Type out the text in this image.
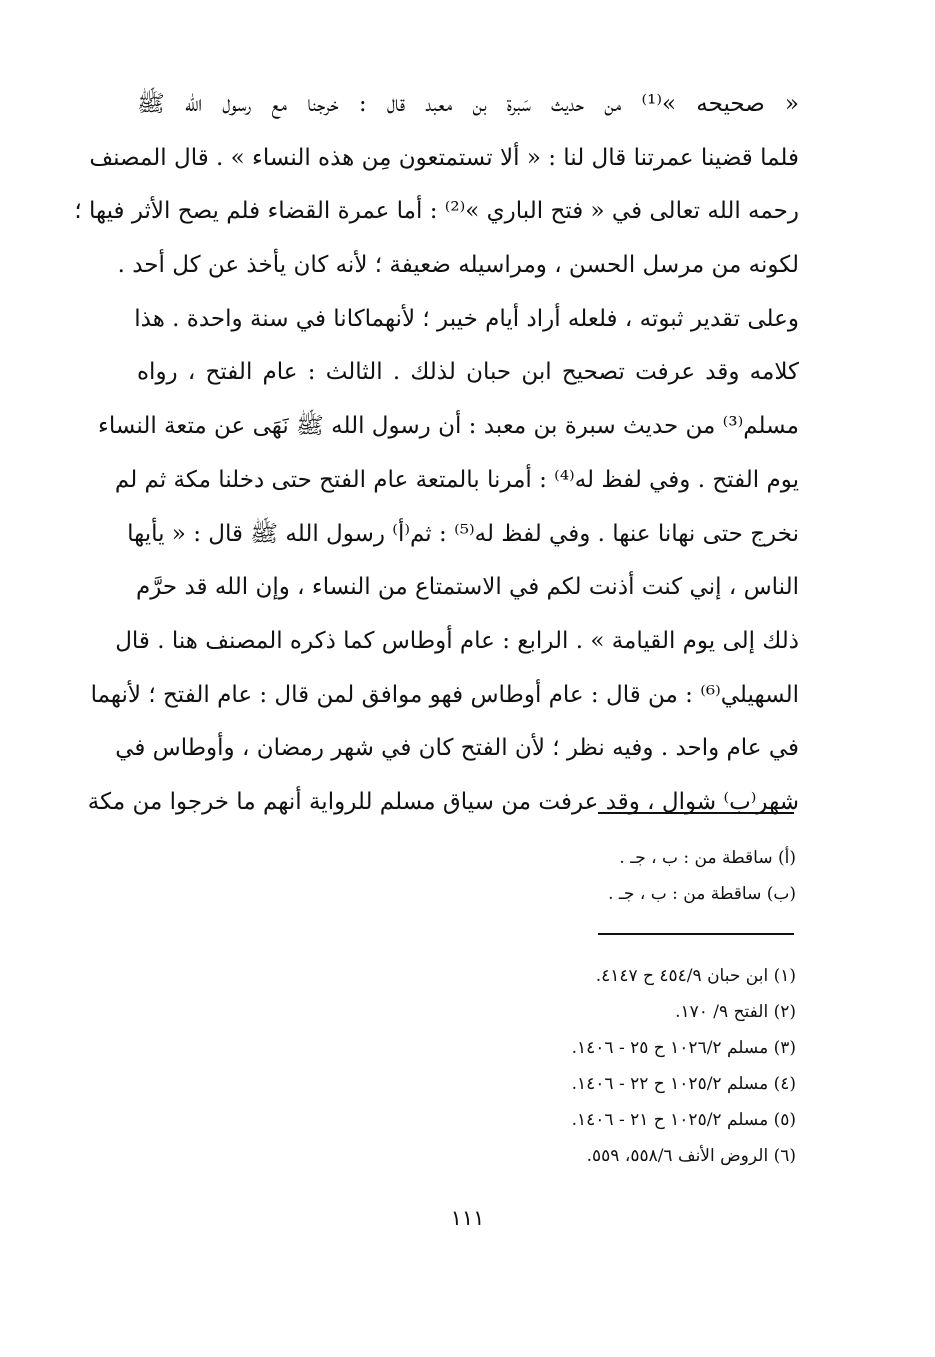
« صحيحه »⁽¹⁾ من حديث سَبرة بن معبد قال : خرجنا مع رسول الله ﷺ
فلما قضينا عمرتنا قال لنا : « ألا تستمتعون مِن هذه النساء » . قال المصنف
رحمه الله تعالى في « فتح الباري »⁽²⁾ : أما عمرة القضاء فلم يصح الأثر فيها ؛
لكونه من مرسل الحسن ، ومراسيله ضعيفة ؛ لأنه كان يأخذ عن كل أحد .
وعلى تقدير ثبوته ، فلعله أراد أيام خيبر ؛ لأنهماكانا في سنة واحدة . هذا
كلامه وقد عرفت تصحيح ابن حبان لذلك . الثالث : عام الفتح ، رواه
مسلم⁽³⁾ من حديث سبرة بن معبد : أن رسول الله ﷺ نَهَى عن متعة النساء
يوم الفتح . وفي لفظ له⁽⁴⁾ : أمرنا بالمتعة عام الفتح حتى دخلنا مكة ثم لم
نخرج حتى نهانا عنها . وفي لفظ له⁽⁵⁾ : ثم⁽أ⁾ رسول الله ﷺ قال : « يأيها
الناس ، إني كنت أذنت لكم في الاستمتاع من النساء ، وإن الله قد حرَّم
ذلك إلى يوم القيامة » . الرابع : عام أوطاس كما ذكره المصنف هنا . قال
السهيلي⁽⁶⁾ : من قال : عام أوطاس فهو موافق لمن قال : عام الفتح ؛ لأنهما
في عام واحد . وفيه نظر ؛ لأن الفتح كان في شهر رمضان ، وأوطاس في
شهر⁽ب⁾ شوال ، وقد عرفت من سياق مسلم للرواية أنهم ما خرجوا من مكة
(أ) ساقطة من : ب ، جـ .
(ب) ساقطة من : ب ، جـ .
(١) ابن حبان ٤٥٤/٩ ح ٤١٤٧.
(٢) الفتح ٩/ ١٧٠.
(٣) مسلم ١٠٢٦/٢ ح ٢٥ - ١٤٠٦.
(٤) مسلم ١٠٢٥/٢ ح ٢٢ - ١٤٠٦.
(٥) مسلم ١٠٢٥/٢ ح ٢١ - ١٤٠٦.
(٦) الروض الأنف ٥٥٨/٦، ٥٥٩.
١١١
